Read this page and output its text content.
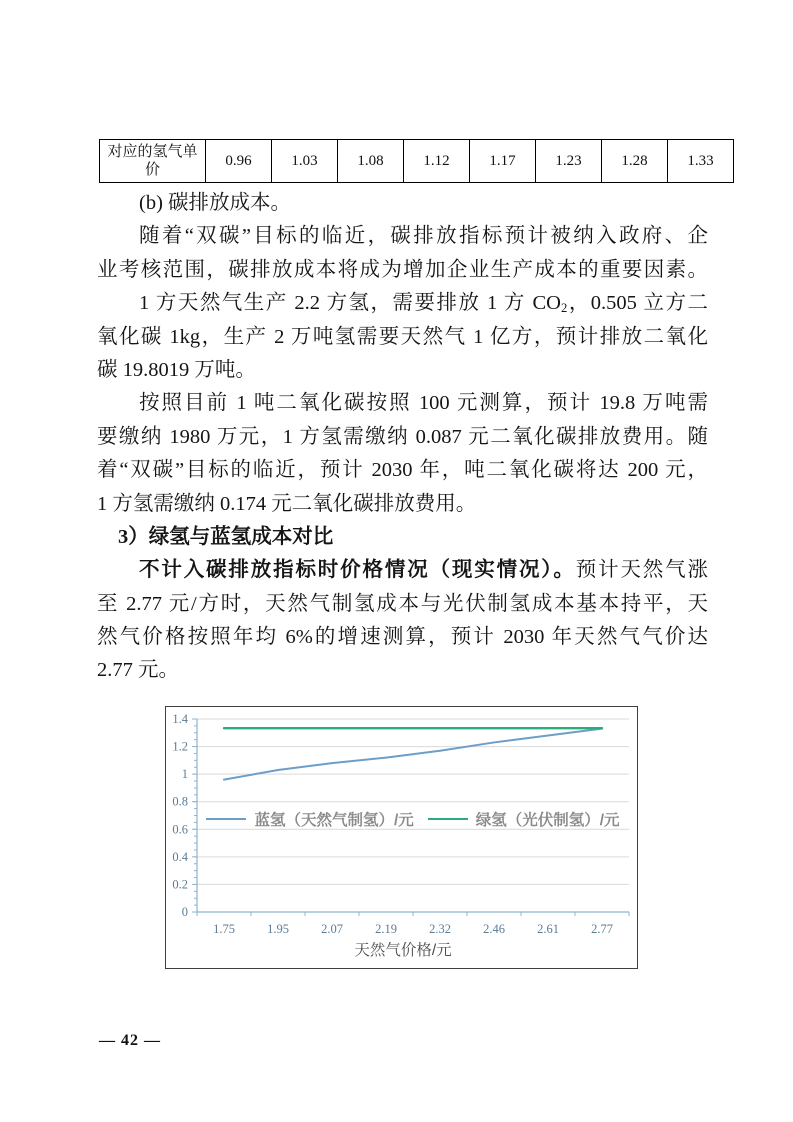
对应的氢气单价	0.96	1.03	1.08	1.12	1.17	1.23	1.28	1.33
(b) 碳排放成本。
随着“双碳”目标的临近，碳排放指标预计被纳入政府、企
业考核范围，碳排放成本将成为增加企业生产成本的重要因素。
1 方天然气生产 2.2 方氢，需要排放 1 方 $CO_2$，0.505 立方二
氧化碳 1kg，生产 2 万吨氢需要天然气 1 亿方，预计排放二氧化
碳 19.8019 万吨。
按照目前 1 吨二氧化碳按照 100 元测算，预计 19.8 万吨需
要缴纳 1980 万元，1 方氢需缴纳 0.087 元二氧化碳排放费用。随
着“双碳”目标的临近，预计 2030 年，吨二氧化碳将达 200 元，
1 方氢需缴纳 0.174 元二氧化碳排放费用。
3）绿氢与蓝氢成本对比
不计入碳排放指标时价格情况（现实情况）。预计天然气涨
至 2.77 元/方时，天然气制氢成本与光伏制氢成本基本持平，天
然气价格按照年均 6%的增速测算，预计 2030 年天然气气价达
2.77 元。
0
0.2
0.4
0.6
0.8
1
1.2
1.4
1.75	1.95	2.07	2.19	2.32	2.46	2.61	2.77
天然气价格/元
蓝氢（天然气制氢）/元	绿氢（光伏制氢）/元
— 42 —
